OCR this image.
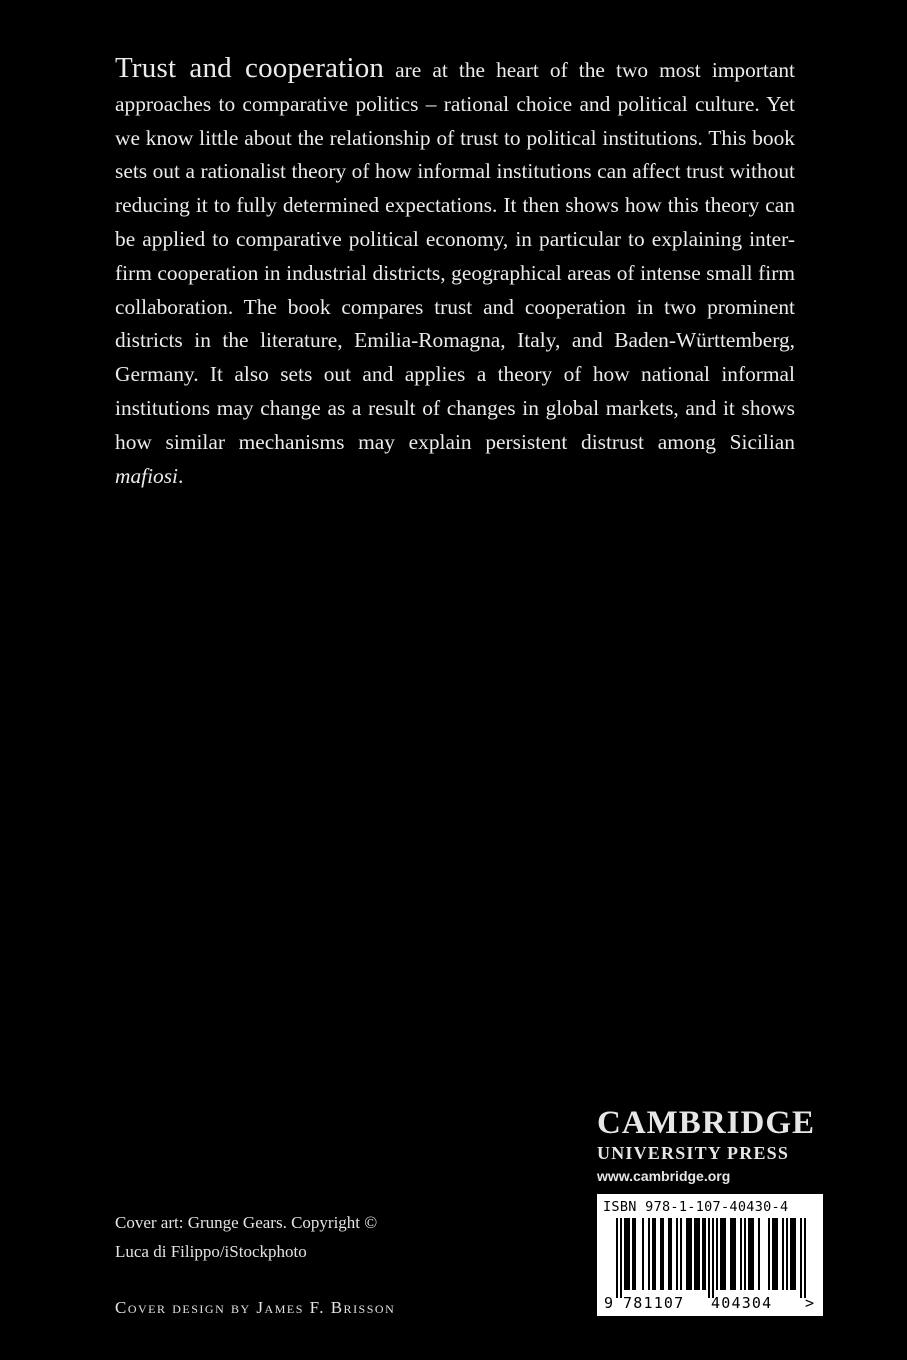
Trust and cooperation are at the heart of the two most important approaches to comparative politics – rational choice and political culture. Yet we know little about the relationship of trust to political institutions. This book sets out a rationalist theory of how informal institutions can affect trust without reducing it to fully determined expectations. It then shows how this theory can be applied to comparative political economy, in particular to explaining inter-firm cooperation in industrial districts, geographical areas of intense small firm collaboration. The book compares trust and cooperation in two prominent districts in the literature, Emilia-Romagna, Italy, and Baden-Württemberg, Germany. It also sets out and applies a theory of how national informal institutions may change as a result of changes in global markets, and it shows how similar mechanisms may explain persistent distrust among Sicilian mafiosi.

Cover art: Grunge Gears. Copyright ©
Luca di Filippo/iStockphoto
Cover design by James F. Brisson
CAMBRIDGE
UNIVERSITY PRESS
www.cambridge.org
ISBN 978-1-107-40430-4
9 781107 404304 >
